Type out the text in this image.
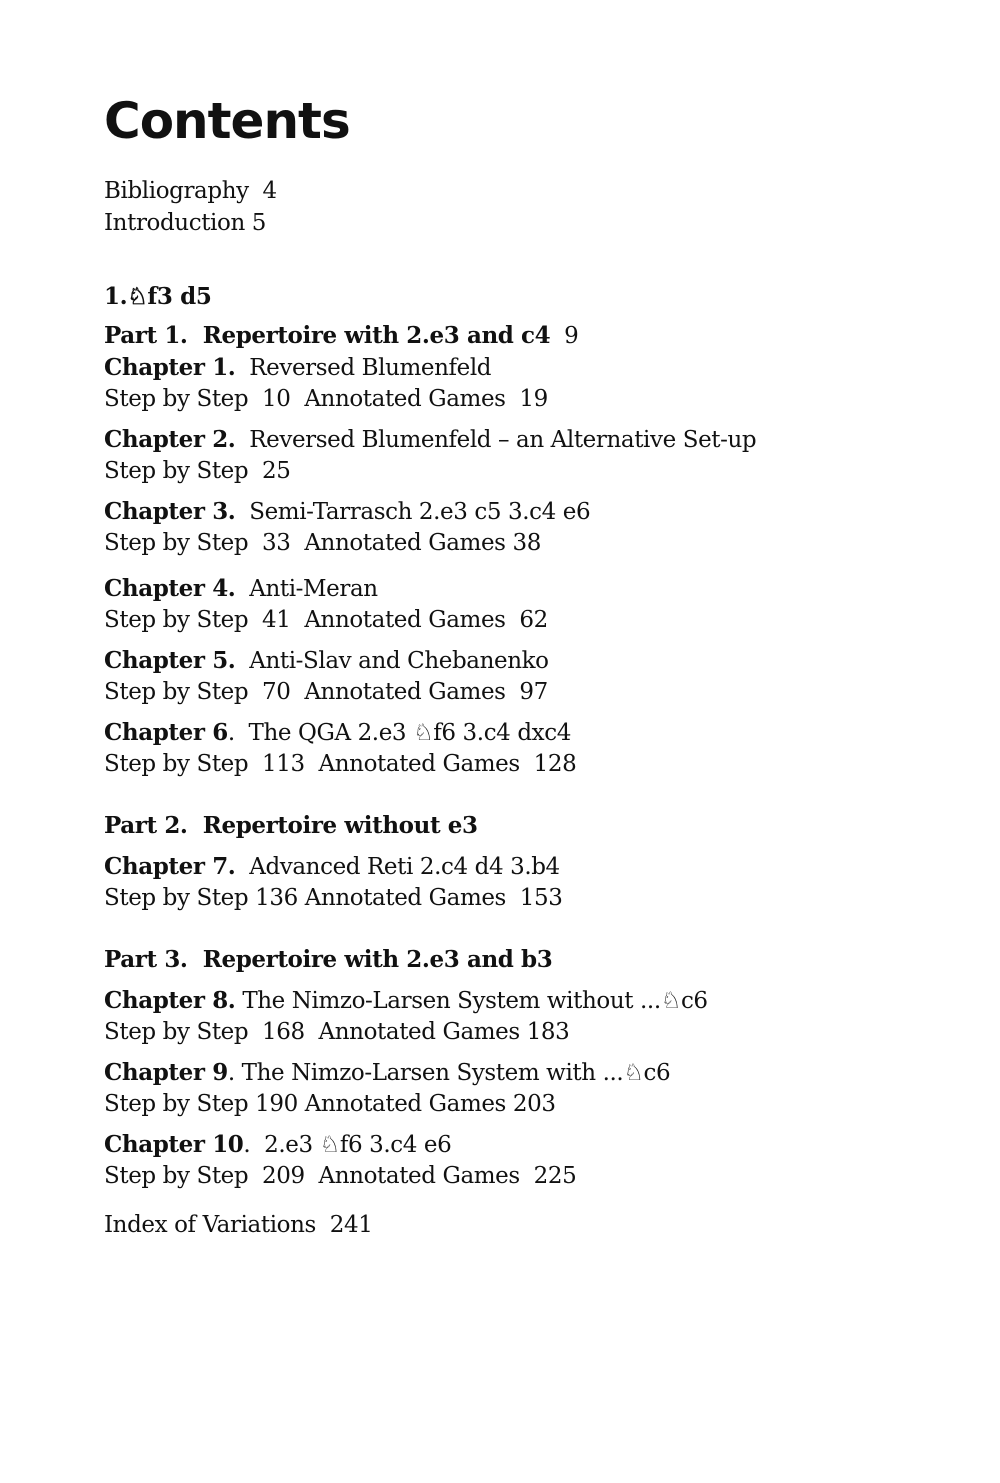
Contents
Bibliography  4
Introduction 5
1.♘f3 d5
Part 1.  Repertoire with 2.e3 and c4 9
Chapter 1. Reversed Blumenfeld
Step by Step  10  Annotated Games  19
Chapter 2. Reversed Blumenfeld – an Alternative Set-up
Step by Step  25
Chapter 3. Semi-Tarrasch 2.e3 c5 3.c4 e6
Step by Step  33  Annotated Games 38
Chapter 4. Anti-Meran
Step by Step  41  Annotated Games  62
Chapter 5. Anti-Slav and Chebanenko
Step by Step  70  Annotated Games  97
Chapter 6.  The QGA 2.e3 ♘f6 3.c4 dxc4
Step by Step  113  Annotated Games  128
Part 2.  Repertoire without e3
Chapter 7. Advanced Reti 2.c4 d4 3.b4
Step by Step 136 Annotated Games  153
Part 3.  Repertoire with 2.e3 and b3
Chapter 8. The Nimzo-Larsen System without ...♘c6
Step by Step  168  Annotated Games 183
Chapter 9. The Nimzo-Larsen System with ...♘c6
Step by Step 190 Annotated Games 203
Chapter 10.  2.e3 ♘f6 3.c4 e6
Step by Step  209  Annotated Games  225
Index of Variations  241
